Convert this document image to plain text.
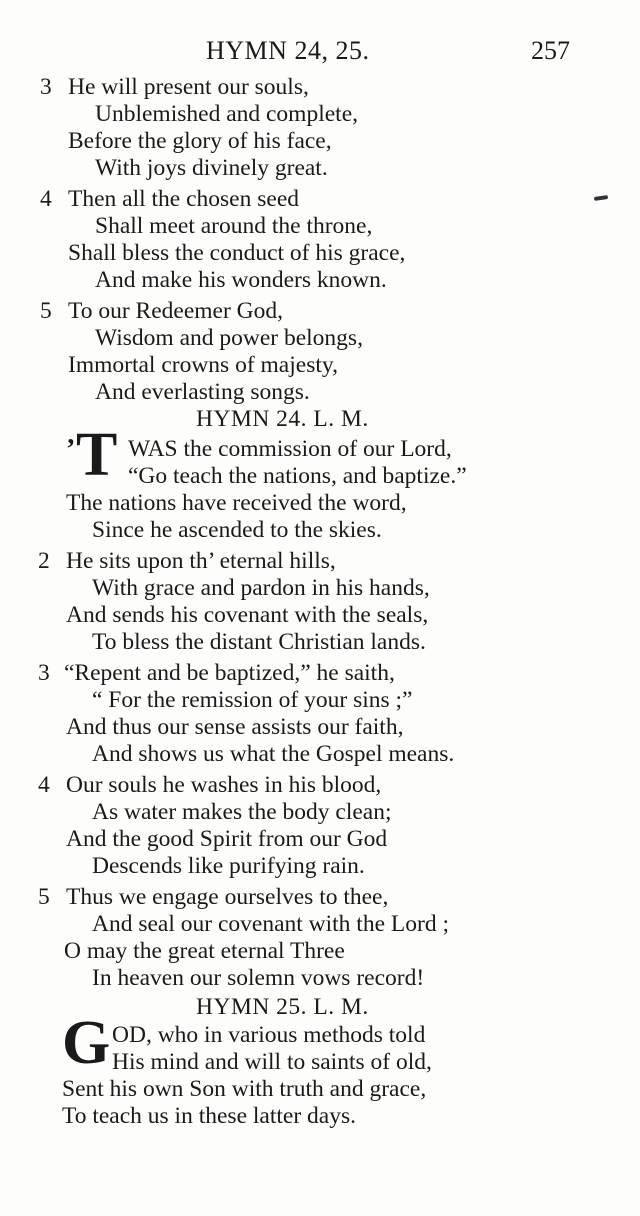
HYMN 24, 25.	257
3 He will present our souls,
Unblemished and complete,
Before the glory of his face,
With joys divinely great.
4 Then all the chosen seed
Shall meet around the throne,
Shall bless the conduct of his grace,
And make his wonders known.
5 To our Redeemer God,
Wisdom and power belongs,
Immortal crowns of majesty,
And everlasting songs.
HYMN 24. L. M.
’ T WAS the commission of our Lord,
“Go teach the nations, and baptize.”
The nations have received the word,
Since he ascended to the skies.
2 He sits upon th’ eternal hills,
With grace and pardon in his hands,
And sends his covenant with the seals,
To bless the distant Christian lands.
3 “Repent and be baptized,” he saith,
“ For the remission of your sins ;”
And thus our sense assists our faith,
And shows us what the Gospel means.
4 Our souls he washes in his blood,
As water makes the body clean;
And the good Spirit from our God
Descends like purifying rain.
5 Thus we engage ourselves to thee,
And seal our covenant with the Lord ;
O may the great eternal Three
In heaven our solemn vows record!
HYMN 25. L. M.
G OD, who in various methods told
His mind and will to saints of old,
Sent his own Son with truth and grace,
To teach us in these latter days.
